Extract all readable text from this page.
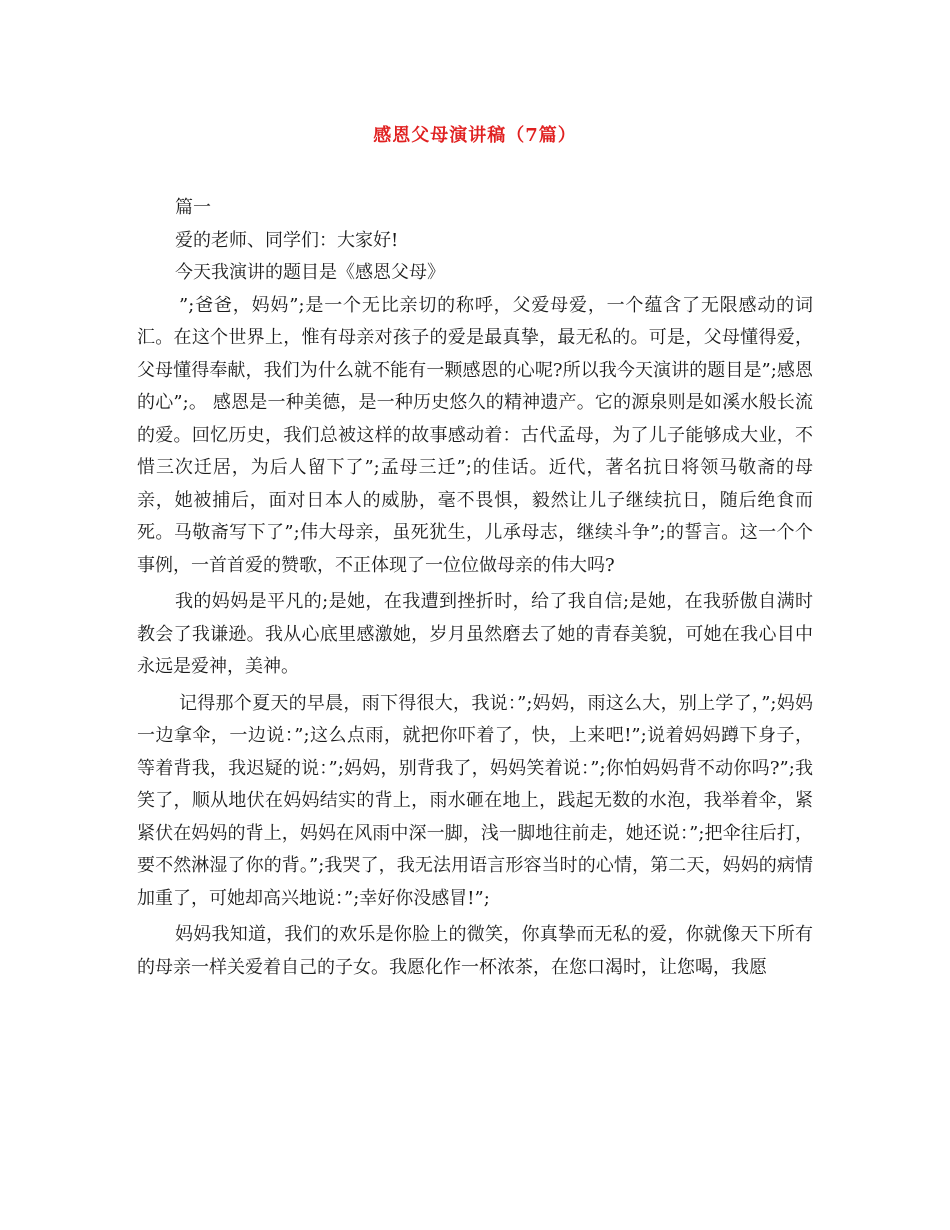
感恩父母演讲稿（7篇）

篇一

爱的老师、同学们：大家好!

今天我演讲的题目是《感恩父母》

”;爸爸，妈妈”;是一个无比亲切的称呼，父爱母爱，一个蕴含了无限感动的词汇。在这个世界上，惟有母亲对孩子的爱是最真挚，最无私的。可是，父母懂得爱，父母懂得奉献，我们为什么就不能有一颗感恩的心呢?所以我今天演讲的题目是”;感恩的心”;。 感恩是一种美德，是一种历史悠久的精神遗产。它的源泉则是如溪水般长流的爱。回忆历史，我们总被这样的故事感动着：古代孟母，为了儿子能够成大业，不惜三次迁居，为后人留下了”;孟母三迁”;的佳话。近代，著名抗日将领马敬斋的母亲，她被捕后，面对日本人的威胁，毫不畏惧，毅然让儿子继续抗日，随后绝食而死。马敬斋写下了”;伟大母亲，虽死犹生，儿承母志，继续斗争”;的誓言。这一个个事例，一首首爱的赞歌，不正体现了一位位做母亲的伟大吗?

我的妈妈是平凡的;是她，在我遭到挫折时，给了我自信;是她，在我骄傲自满时教会了我谦逊。我从心底里感激她，岁月虽然磨去了她的青春美貌，可她在我心目中永远是爱神，美神。

记得那个夏天的早晨，雨下得很大，我说：”;妈妈，雨这么大，别上学了，”;妈妈一边拿伞，一边说：”;这么点雨，就把你吓着了，快，上来吧!”;说着妈妈蹲下身子，等着背我，我迟疑的说：”;妈妈，别背我了，妈妈笑着说：”;你怕妈妈背不动你吗?”;我笑了，顺从地伏在妈妈结实的背上，雨水砸在地上，践起无数的水泡，我举着伞，紧紧伏在妈妈的背上，妈妈在风雨中深一脚，浅一脚地往前走，她还说：”;把伞往后打，要不然淋湿了你的背。”;我哭了，我无法用语言形容当时的心情，第二天，妈妈的病情加重了，可她却高兴地说：”;幸好你没感冒!”;

妈妈我知道，我们的欢乐是你脸上的微笑，你真挚而无私的爱，你就像天下所有的母亲一样关爱着自己的子女。我愿化作一杯浓茶，在您口渴时，让您喝，我愿
